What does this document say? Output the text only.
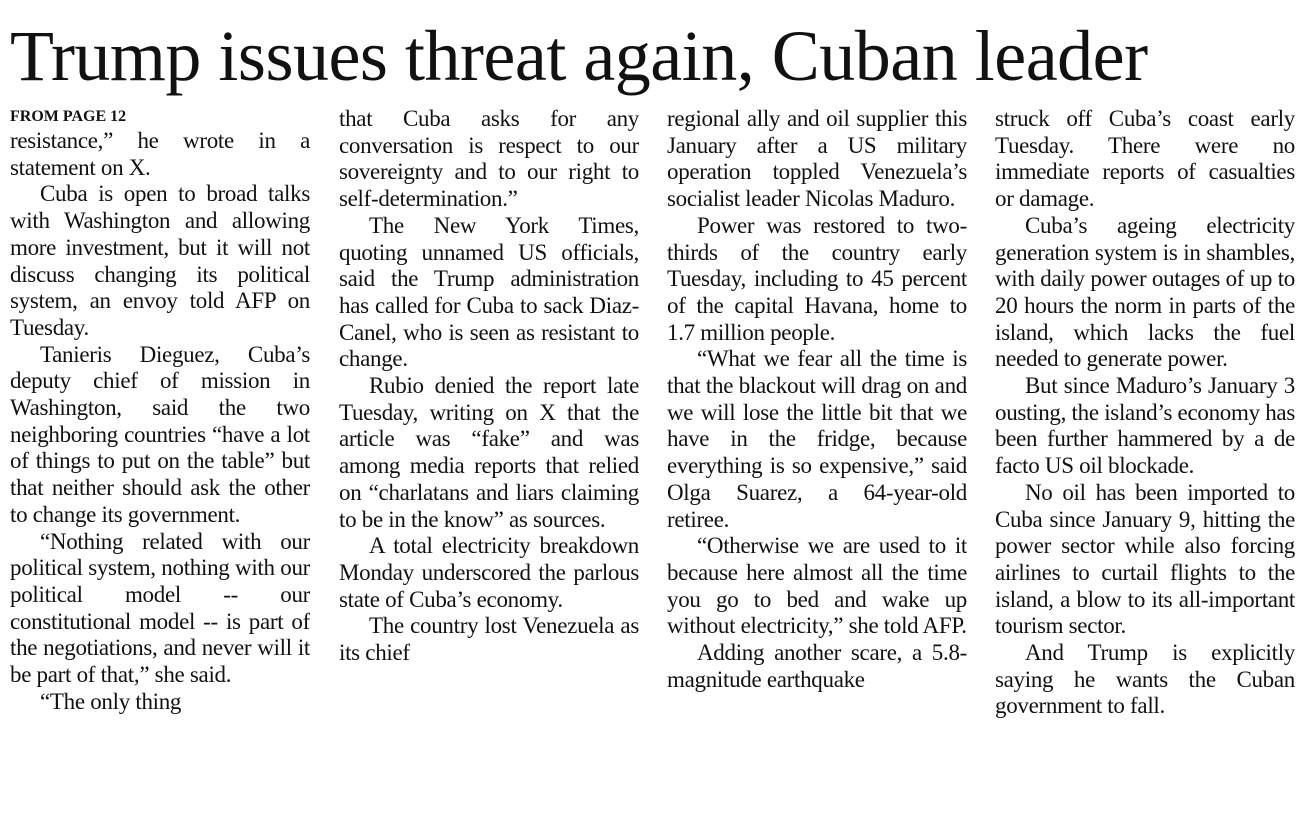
Trump issues threat again, Cuban leader
FROM PAGE 12

resistance,” he wrote in a statement on X.

Cuba is open to broad talks with Washington and allowing more investment, but it will not discuss changing its political system, an envoy told AFP on Tuesday.

Tanieris Dieguez, Cuba’s deputy chief of mission in Washington, said the two neighboring countries “have a lot of things to put on the table” but that neither should ask the other to change its government.

“Nothing related with our political system, nothing with our political model -- our constitutional model -- is part of the negotiations, and never will it be part of that,” she said.

“The only thing

that Cuba asks for any conversation is respect to our sovereignty and to our right to self-determination.”

The New York Times, quoting unnamed US officials, said the Trump administration has called for Cuba to sack Diaz-Canel, who is seen as resistant to change.

Rubio denied the report late Tuesday, writing on X that the article was “fake” and was among media reports that relied on “charlatans and liars claiming to be in the know” as sources.

A total electricity breakdown Monday underscored the parlous state of Cuba’s economy.

The country lost Venezuela as its chief

regional ally and oil supplier this January after a US military operation toppled Venezuela’s socialist leader Nicolas Maduro.

Power was restored to two-thirds of the country early Tuesday, including to 45 percent of the capital Havana, home to 1.7 million people.

“What we fear all the time is that the blackout will drag on and we will lose the little bit that we have in the fridge, because everything is so expensive,” said Olga Suarez, a 64-year-old retiree.

“Otherwise we are used to it because here almost all the time you go to bed and wake up without electricity,” she told AFP.

Adding another scare, a 5.8-magnitude earthquake

struck off Cuba’s coast early Tuesday. There were no immediate reports of casualties or damage.

Cuba’s ageing electricity generation system is in shambles, with daily power outages of up to 20 hours the norm in parts of the island, which lacks the fuel needed to generate power.

But since Maduro’s January 3 ousting, the island’s economy has been further hammered by a de facto US oil blockade.

No oil has been imported to Cuba since January 9, hitting the power sector while also forcing airlines to curtail flights to the island, a blow to its all-important tourism sector.

And Trump is explicitly saying he wants the Cuban government to fall.
